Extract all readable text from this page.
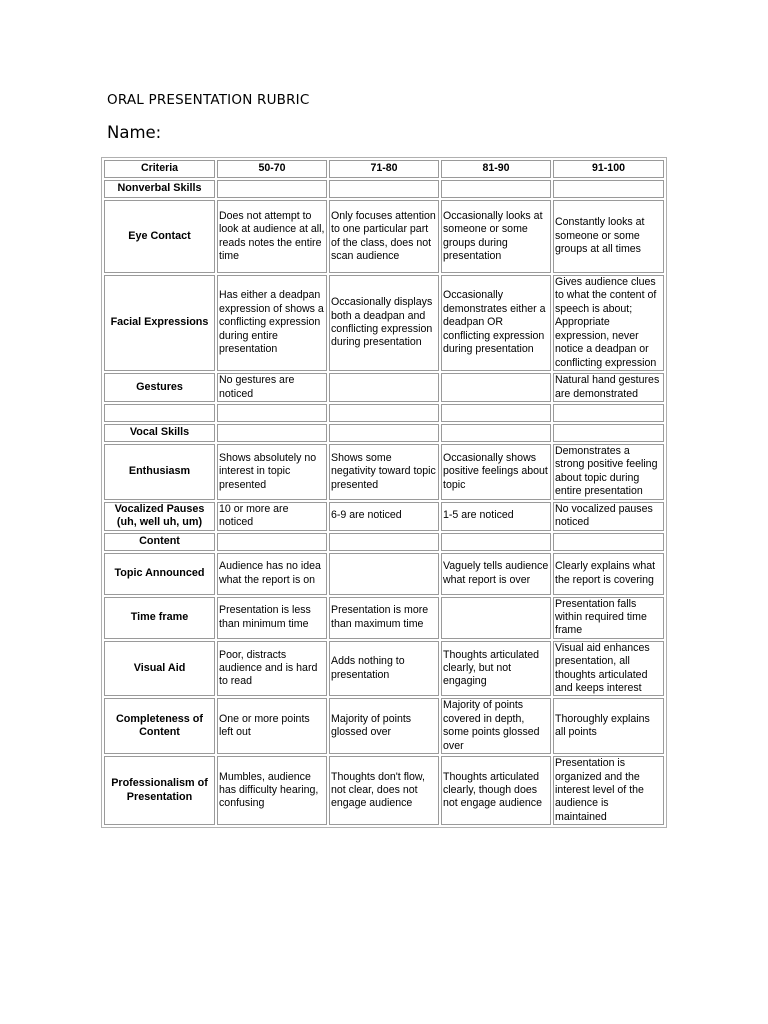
ORAL PRESENTATION RUBRIC
Name:
Criteria	50-70	71-80	81-90	91-100
Nonverbal Skills				
Eye Contact	Does not attempt to look at audience at all, reads notes the entire time	Only focuses attention to one particular part of the class, does not scan audience	Occasionally looks at someone or some groups during presentation	Constantly looks at someone or some groups at all times
Facial Expressions	Has either a deadpan expression of shows a conflicting expression during entire presentation	Occasionally displays both a deadpan and conflicting expression during presentation	Occasionally demonstrates either a deadpan OR conflicting expression during presentation	Gives audience clues to what the content of speech is about; Appropriate expression, never notice a deadpan or conflicting expression
Gestures	No gestures are noticed			Natural hand gestures are demonstrated

Vocal Skills				
Enthusiasm	Shows absolutely no interest in topic presented	Shows some negativity toward topic presented	Occasionally shows positive feelings about topic	Demonstrates a strong positive feeling about topic during entire presentation
Vocalized Pauses (uh, well uh, um)	10 or more are noticed	6-9 are noticed	1-5 are noticed	No vocalized pauses noticed
Content				
Topic Announced	Audience has no idea what the report is on		Vaguely tells audience what report is over	Clearly explains what the report is covering
Time frame	Presentation is less than minimum time	Presentation is more than maximum time		Presentation falls within required time frame
Visual Aid	Poor, distracts audience and is hard to read	Adds nothing to presentation	Thoughts articulated clearly, but not engaging	Visual aid enhances presentation, all thoughts articulated and keeps interest
Completeness of Content	One or more points left out	Majority of points glossed over	Majority of points covered in depth, some points glossed over	Thoroughly explains all points
Professionalism of Presentation	Mumbles, audience has difficulty hearing, confusing	Thoughts don't flow, not clear, does not engage audience	Thoughts articulated clearly, though does not engage audience	Presentation is organized and the interest level of the audience is maintained
